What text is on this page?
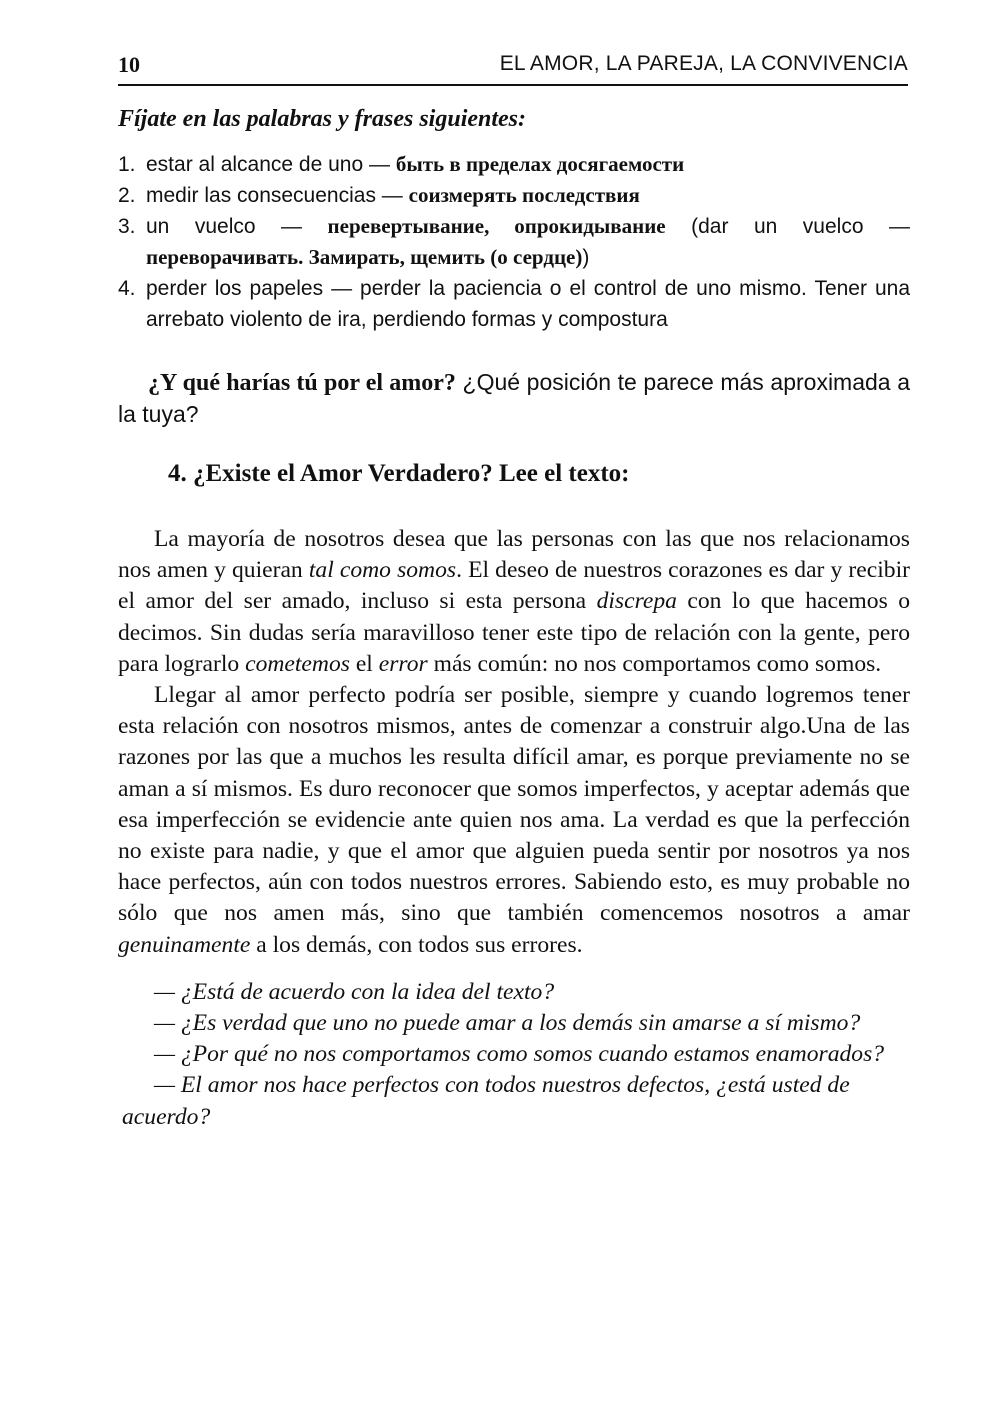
10	EL AMOR, LA PAREJA, LA CONVIVENCIA

Fíjate en las palabras y frases siguientes:

1. estar al alcance de uno — быть в пределах досягаемости
2. medir las consecuencias — соизмерять последствия
3. un vuelco — перевертывание, опрокидывание (dar un vuelco — переворачивать. Замирать, щемить (о сердце))
4. perder los papeles — perder la paciencia o el control de uno mismo. Tener una arrebato violento de ira, perdiendo formas y compostura

¿Y qué harías tú por el amor? ¿Qué posición te parece más aproximada a la tuya?

4. ¿Existe el Amor Verdadero? Lee el texto:

La mayoría de nosotros desea que las personas con las que nos relacionamos nos amen y quieran tal como somos. El deseo de nuestros corazones es dar y recibir el amor del ser amado, incluso si esta persona discrepa con lo que hacemos o decimos. Sin dudas sería maravilloso tener este tipo de relación con la gente, pero para lograrlo cometemos el error más común: no nos comportamos como somos.

Llegar al amor perfecto podría ser posible, siempre y cuando logremos tener esta relación con nosotros mismos, antes de comenzar a construir algo.Una de las razones por las que a muchos les resulta difícil amar, es porque previamente no se aman a sí mismos. Es duro reconocer que somos imperfectos, y aceptar además que esa imperfección se evidencie ante quien nos ama. La verdad es que la perfección no existe para nadie, y que el amor que alguien pueda sentir por nosotros ya nos hace perfectos, aún con todos nuestros errores. Sabiendo esto, es muy probable no sólo que nos amen más, sino que también comencemos nosotros a amar genuinamente a los demás, con todos sus errores.

— ¿Está de acuerdo con la idea del texto?

— ¿Es verdad que uno no puede amar a los demás sin amarse a sí mismo?

— ¿Por qué no nos comportamos como somos cuando estamos enamorados?

— El amor nos hace perfectos con todos nuestros defectos, ¿está usted de acuerdo?
